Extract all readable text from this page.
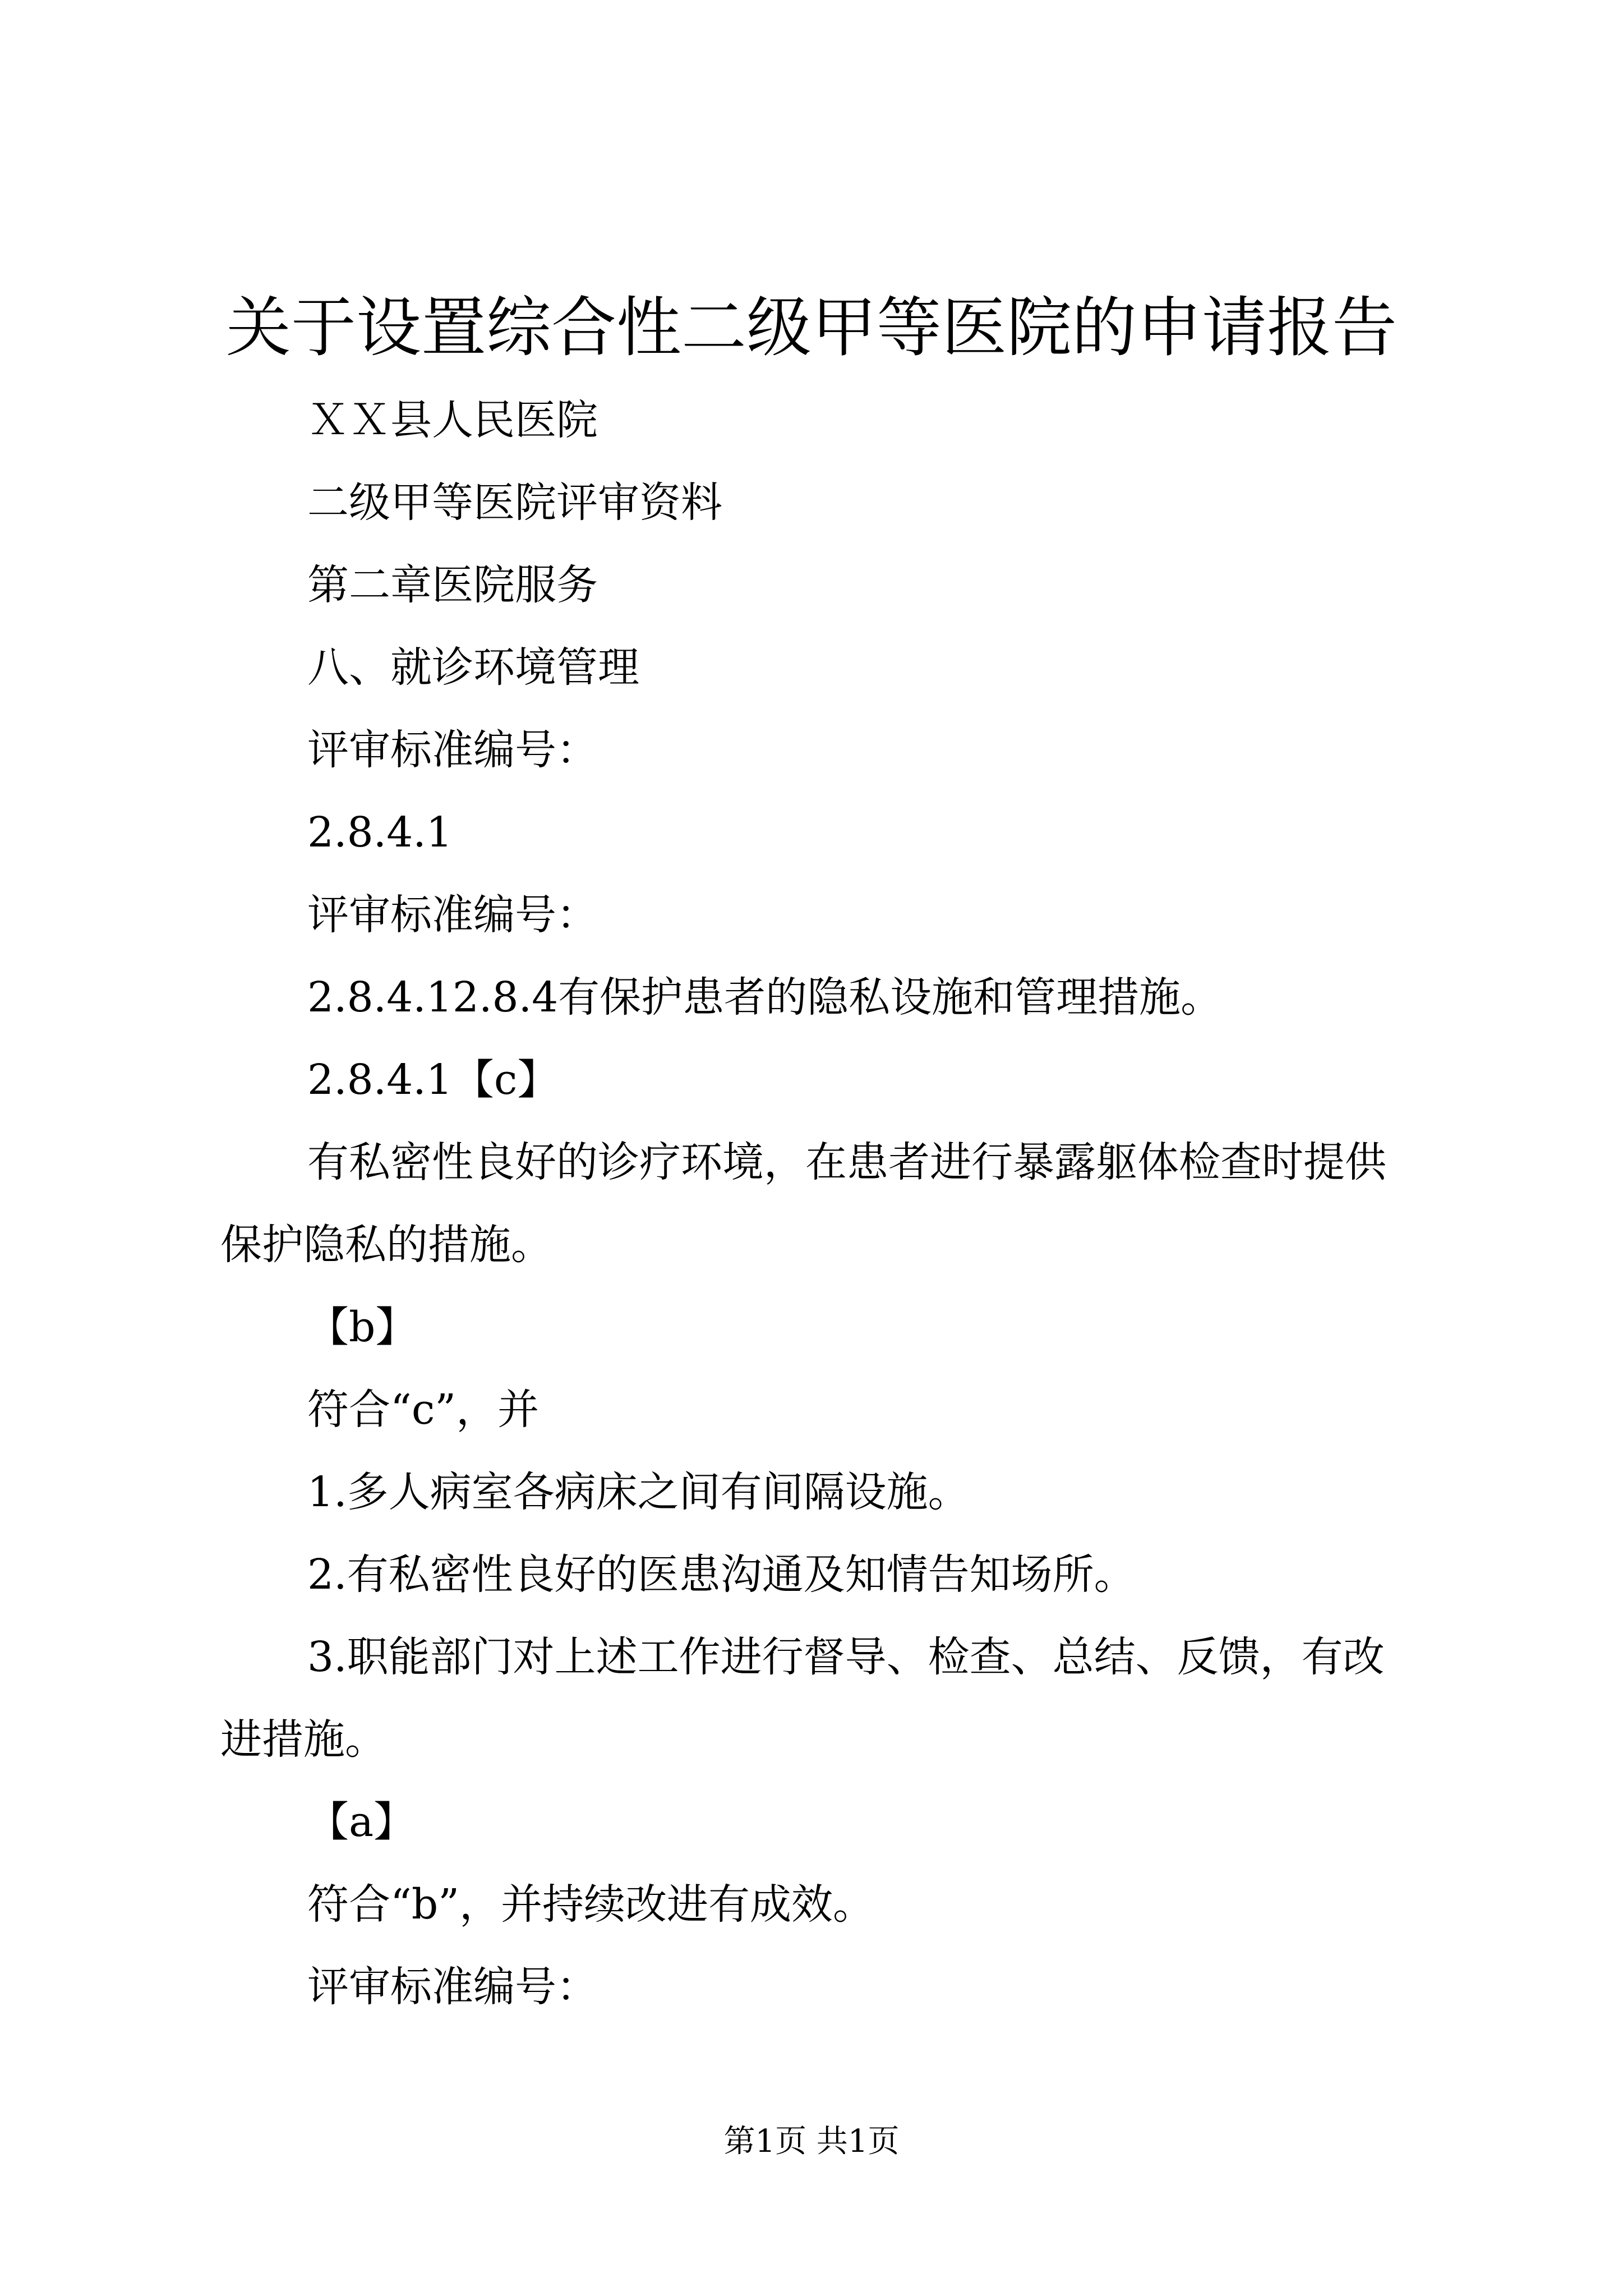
关于设置综合性二级甲等医院的申请报告

ＸＸ县人民医院

二级甲等医院评审资料

第二章医院服务

八、就诊环境管理

评审标准编号：

2.8.4.1

评审标准编号：

2.8.4.12.8.4有保护患者的隐私设施和管理措施。

2.8.4.1【c】

有私密性良好的诊疗环境，在患者进行暴露躯体检查时提供保护隐私的措施。

【b】

符合“c”，并

1.多人病室各病床之间有间隔设施。

2.有私密性良好的医患沟通及知情告知场所。

3.职能部门对上述工作进行督导、检查、总结、反馈，有改进措施。

【a】

符合“b”，并持续改进有成效。

评审标准编号：

第1页 共1页
